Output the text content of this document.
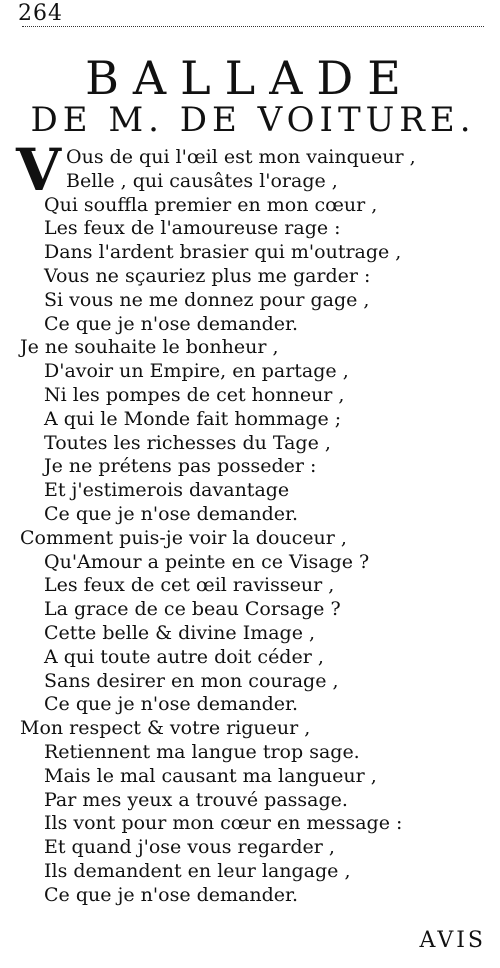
264
BALLADE
DE M. DE VOITURE.
V Ous de qui l'œil est mon vainqueur ,
Belle , qui causâtes l'orage ,
Qui souffla premier en mon cœur ,
Les feux de l'amoureuse rage :
Dans l'ardent brasier qui m'outrage ,
Vous ne sçauriez plus me garder :
Si vous ne me donnez pour gage ,
Ce que je n'ose demander.
Je ne souhaite le bonheur ,
D'avoir un Empire, en partage ,
Ni les pompes de cet honneur ,
A qui le Monde fait hommage ;
Toutes les richesses du Tage ,
Je ne prétens pas posseder :
Et j'estimerois davantage
Ce que je n'ose demander.
Comment puis-je voir la douceur ,
Qu'Amour a peinte en ce Visage ?
Les feux de cet œil ravisseur ,
La grace de ce beau Corsage ?
Cette belle & divine Image ,
A qui toute autre doit céder ,
Sans desirer en mon courage ,
Ce que je n'ose demander.
Mon respect & votre rigueur ,
Retiennent ma langue trop sage.
Mais le mal causant ma langueur ,
Par mes yeux a trouvé passage.
Ils vont pour mon cœur en message :
Et quand j'ose vous regarder ,
Ils demandent en leur langage ,
Ce que je n'ose demander.
AVIS
